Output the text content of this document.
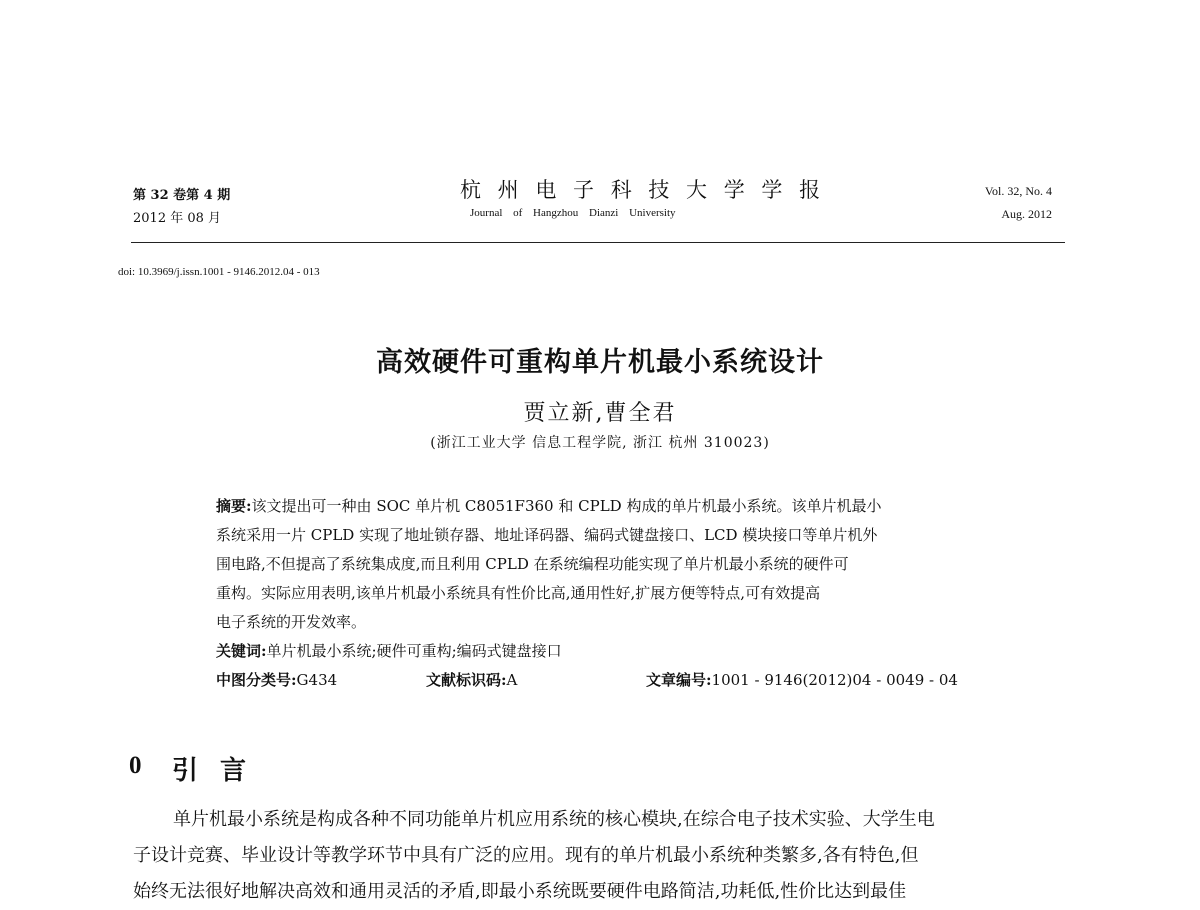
第 32 卷第 4 期
2012 年 08 月
杭 州 电 子 科 技 大 学 学 报
Journal of Hangzhou Dianzi University
Vol. 32, No. 4
Aug. 2012
doi: 10.3969/j.issn.1001 - 9146.2012.04 - 013
高效硬件可重构单片机最小系统设计
贾立新,曹全君
(浙江工业大学 信息工程学院, 浙江 杭州 310023)
摘要:该文提出可一种由 SOC 单片机 C8051F360 和 CPLD 构成的单片机最小系统。该单片机最小
系统采用一片 CPLD 实现了地址锁存器、地址译码器、编码式键盘接口、LCD 模块接口等单片机外
围电路,不但提高了系统集成度,而且利用 CPLD 在系统编程功能实现了单片机最小系统的硬件可
重构。实际应用表明,该单片机最小系统具有性价比高,通用性好,扩展方便等特点,可有效提高
电子系统的开发效率。
关键词:单片机最小系统;硬件可重构;编码式键盘接口
中图分类号:G434	文献标识码:A	文章编号:1001 - 9146(2012)04 - 0049 - 04
0 引言
单片机最小系统是构成各种不同功能单片机应用系统的核心模块,在综合电子技术实验、大学生电
子设计竞赛、毕业设计等教学环节中具有广泛的应用。现有的单片机最小系统种类繁多,各有特色,但
始终无法很好地解决高效和通用灵活的矛盾,即最小系统既要硬件电路简洁,功耗低,性价比达到最佳
